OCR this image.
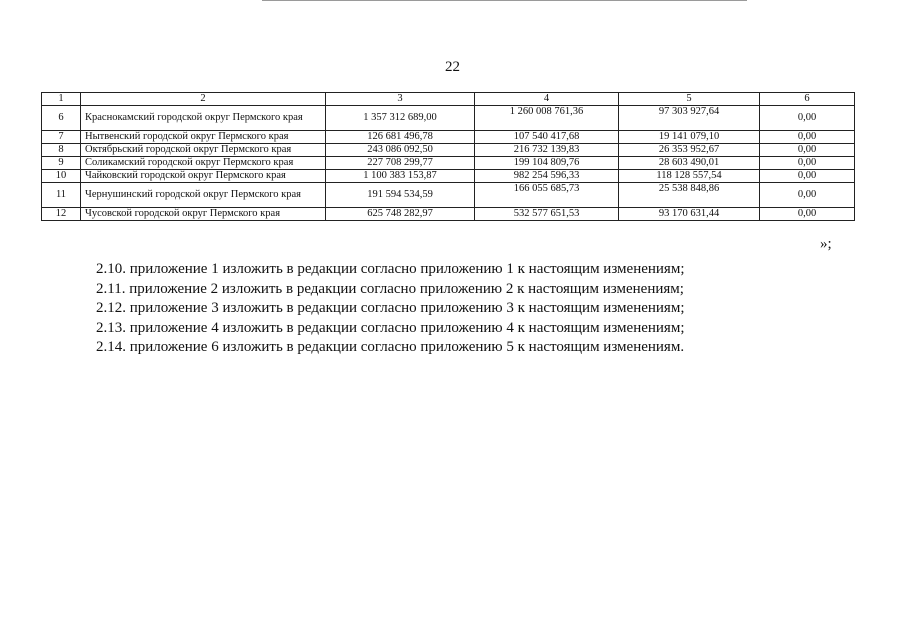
22
1	2	3	4	5	6
6	Краснокамский городской округ Пермского края	1 357 312 689,00	1 260 008 761,36	97 303 927,64	0,00
7	Нытвенский городской округ Пермского края	126 681 496,78	107 540 417,68	19 141 079,10	0,00
8	Октябрьский городской округ Пермского края	243 086 092,50	216 732 139,83	26 353 952,67	0,00
9	Соликамский городской округ Пермского края	227 708 299,77	199 104 809,76	28 603 490,01	0,00
10	Чайковский городской округ Пермского края	1 100 383 153,87	982 254 596,33	118 128 557,54	0,00
11	Чернушинский городской округ Пермского края	191 594 534,59	166 055 685,73	25 538 848,86	0,00
12	Чусовской городской округ Пермского края	625 748 282,97	532 577 651,53	93 170 631,44	0,00
»;
2.10. приложение 1 изложить в редакции согласно приложению 1 к настоящим изменениям;
2.11. приложение 2 изложить в редакции согласно приложению 2 к настоящим изменениям;
2.12. приложение 3 изложить в редакции согласно приложению 3 к настоящим изменениям;
2.13. приложение 4 изложить в редакции согласно приложению 4 к настоящим изменениям;
2.14. приложение 6 изложить в редакции согласно приложению 5 к настоящим изменениям.
